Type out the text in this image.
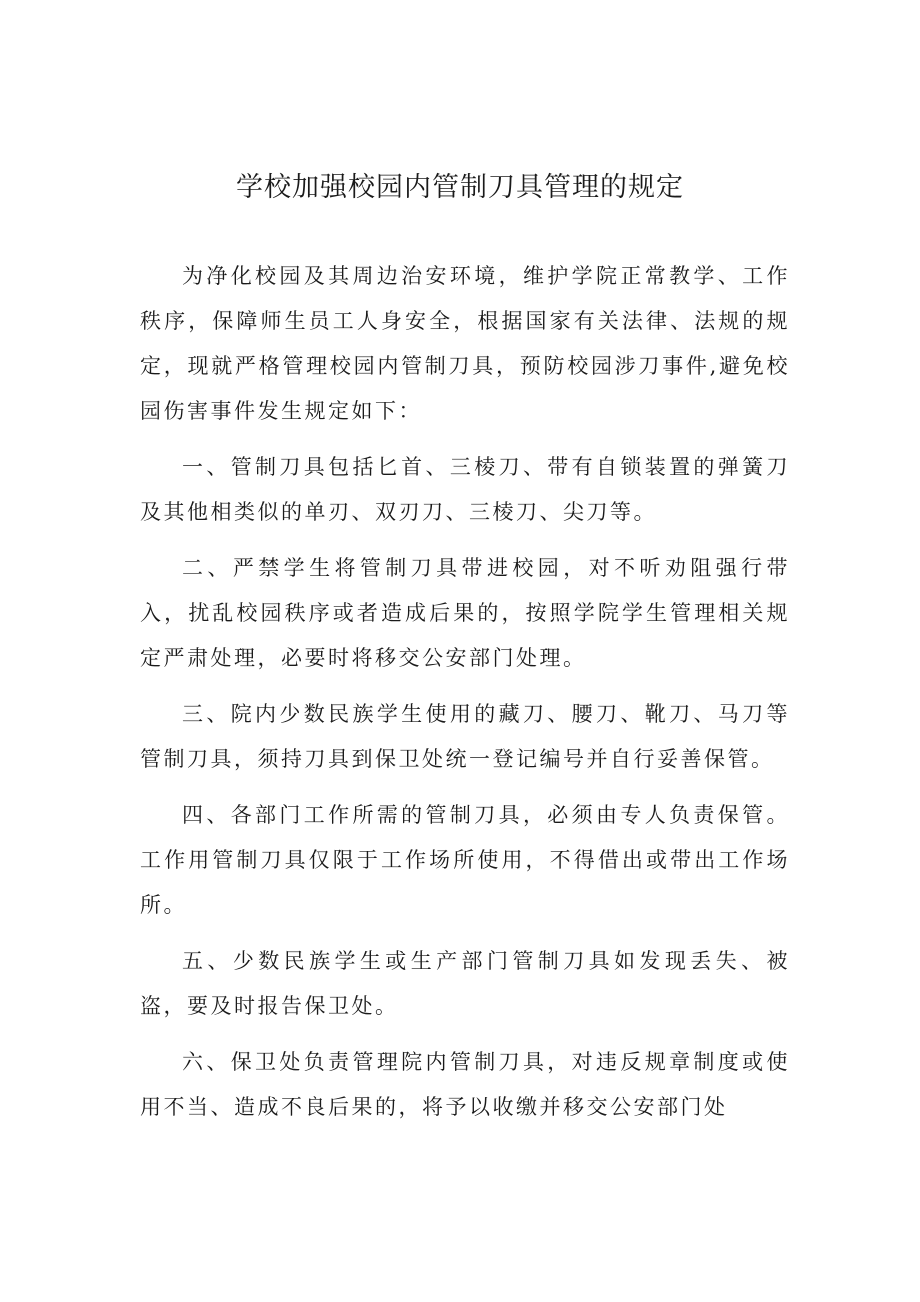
学校加强校园内管制刀具管理的规定

为净化校园及其周边治安环境，维护学院正常教学、工作秩序，保障师生员工人身安全，根据国家有关法律、法规的规定，现就严格管理校园内管制刀具，预防校园涉刀事件,避免校园伤害事件发生规定如下：

一、管制刀具包括匕首、三棱刀、带有自锁装置的弹簧刀及其他相类似的单刃、双刃刀、三棱刀、尖刀等。

二、严禁学生将管制刀具带进校园，对不听劝阻强行带入，扰乱校园秩序或者造成后果的，按照学院学生管理相关规定严肃处理，必要时将移交公安部门处理。

三、院内少数民族学生使用的藏刀、腰刀、靴刀、马刀等管制刀具，须持刀具到保卫处统一登记编号并自行妥善保管。

四、各部门工作所需的管制刀具，必须由专人负责保管。工作用管制刀具仅限于工作场所使用，不得借出或带出工作场所。

五、少数民族学生或生产部门管制刀具如发现丢失、被盗，要及时报告保卫处。

六、保卫处负责管理院内管制刀具，对违反规章制度或使用不当、造成不良后果的，将予以收缴并移交公安部门处
